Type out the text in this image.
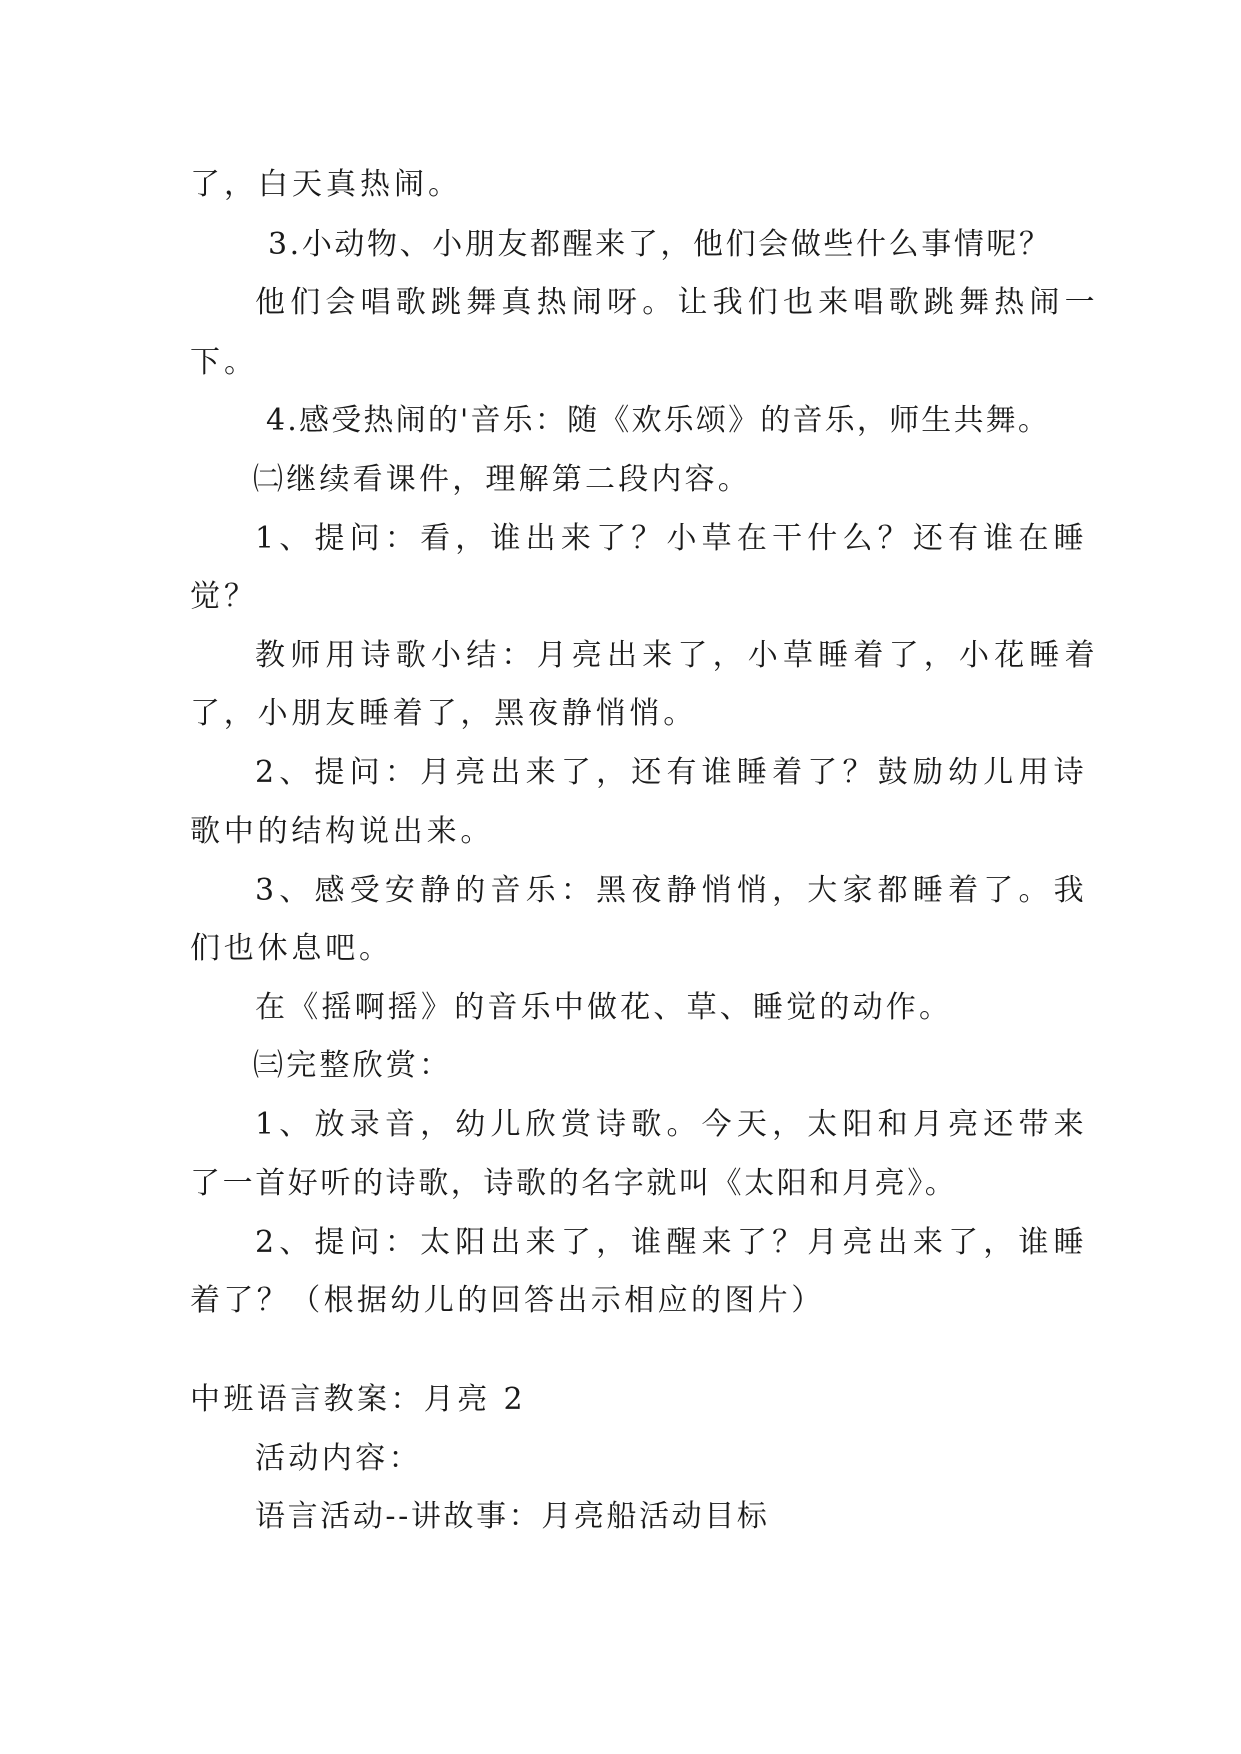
了，白天真热闹。
3.小动物、小朋友都醒来了，他们会做些什么事情呢？
他们会唱歌跳舞真热闹呀。让我们也来唱歌跳舞热闹一
下。
4.感受热闹的'音乐：随《欢乐颂》的音乐，师生共舞。
㈡继续看课件，理解第二段内容。
1、提问：看，谁出来了？小草在干什么？还有谁在睡
觉？
教师用诗歌小结：月亮出来了，小草睡着了，小花睡着
了，小朋友睡着了，黑夜静悄悄。
2、提问：月亮出来了，还有谁睡着了？鼓励幼儿用诗
歌中的结构说出来。
3、感受安静的音乐：黑夜静悄悄，大家都睡着了。我
们也休息吧。
在《摇啊摇》的音乐中做花、草、睡觉的动作。
㈢完整欣赏：
1、放录音，幼儿欣赏诗歌。今天，太阳和月亮还带来
了一首好听的诗歌，诗歌的名字就叫《太阳和月亮》。
2、提问：太阳出来了，谁醒来了？月亮出来了，谁睡
着了？（根据幼儿的回答出示相应的图片）
中班语言教案：月亮 2
活动内容：
语言活动--讲故事：月亮船活动目标
